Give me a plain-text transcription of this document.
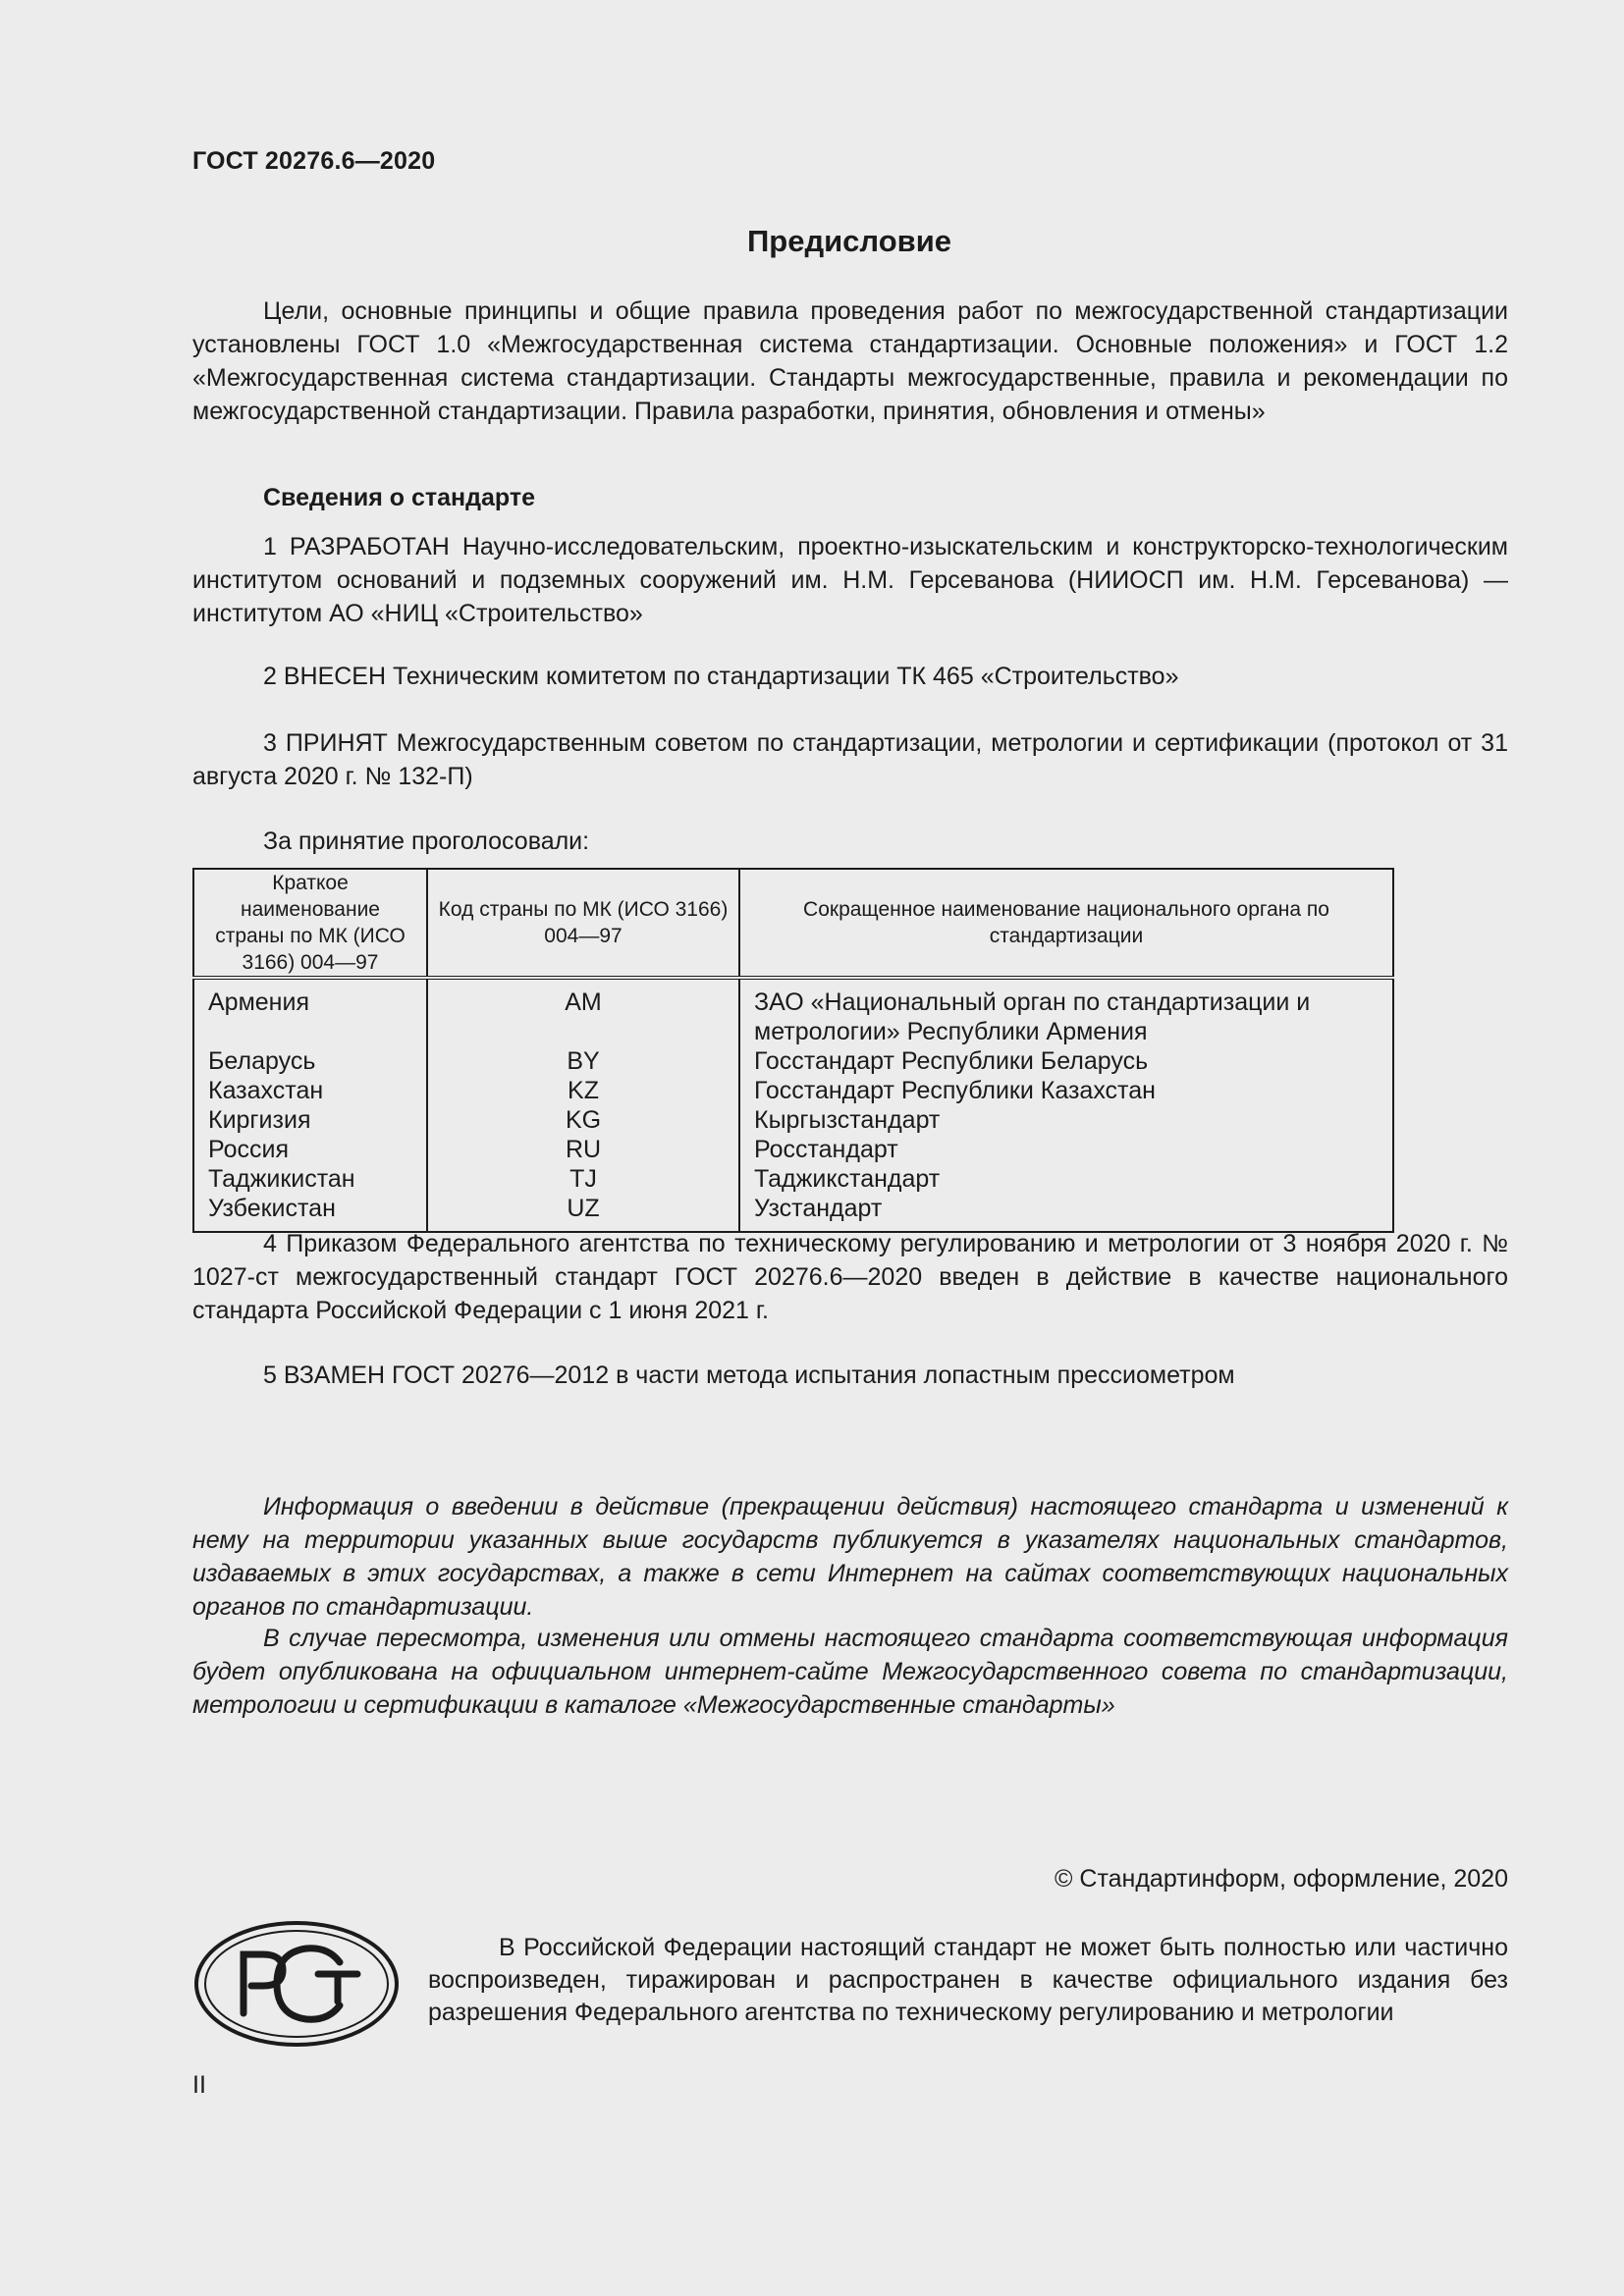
ГОСТ 20276.6—2020
Предисловие

Цели, основные принципы и общие правила проведения работ по межгосударственной стандартизации установлены ГОСТ 1.0 «Межгосударственная система стандартизации. Основные положения» и ГОСТ 1.2 «Межгосударственная система стандартизации. Стандарты межгосударственные, правила и рекомендации по межгосударственной стандартизации. Правила разработки, принятия, обновления и отмены»

Сведения о стандарте

1 РАЗРАБОТАН Научно-исследовательским, проектно-изыскательским и конструкторско-технологическим институтом оснований и подземных сооружений им. Н.М. Герсеванова (НИИОСП им. Н.М. Герсеванова) — институтом АО «НИЦ «Строительство»

2 ВНЕСЕН Техническим комитетом по стандартизации ТК 465 «Строительство»

3 ПРИНЯТ Межгосударственным советом по стандартизации, метрологии и сертификации (протокол от 31 августа 2020 г. № 132-П)

За принятие проголосовали:

Краткое наименование страны по МК (ИСО 3166) 004—97	Код страны по МК (ИСО 3166) 004—97	Сокращенное наименование национального органа по стандартизации
Армения	AM	ЗАО «Национальный орган по стандартизации и метрологии» Республики Армения
Беларусь	BY	Госстандарт Республики Беларусь
Казахстан	KZ	Госстандарт Республики Казахстан
Киргизия	KG	Кыргызстандарт
Россия	RU	Росстандарт
Таджикистан	TJ	Таджикстандарт
Узбекистан	UZ	Узстандарт

4 Приказом Федерального агентства по техническому регулированию и метрологии от 3 ноября 2020 г. № 1027-ст межгосударственный стандарт ГОСТ 20276.6—2020 введен в действие в качестве национального стандарта Российской Федерации с 1 июня 2021 г.

5 ВЗАМЕН ГОСТ 20276—2012 в части метода испытания лопастным прессиометром

Информация о введении в действие (прекращении действия) настоящего стандарта и изменений к нему на территории указанных выше государств публикуется в указателях национальных стандартов, издаваемых в этих государствах, а также в сети Интернет на сайтах соответствующих национальных органов по стандартизации.

В случае пересмотра, изменения или отмены настоящего стандарта соответствующая информация будет опубликована на официальном интернет-сайте Межгосударственного совета по стандартизации, метрологии и сертификации в каталоге «Межгосударственные стандарты»

© Стандартинформ, оформление, 2020

В Российской Федерации настоящий стандарт не может быть полностью или частично воспроизведен, тиражирован и распространен в качестве официального издания без разрешения Федерального агентства по техническому регулированию и метрологии

II
